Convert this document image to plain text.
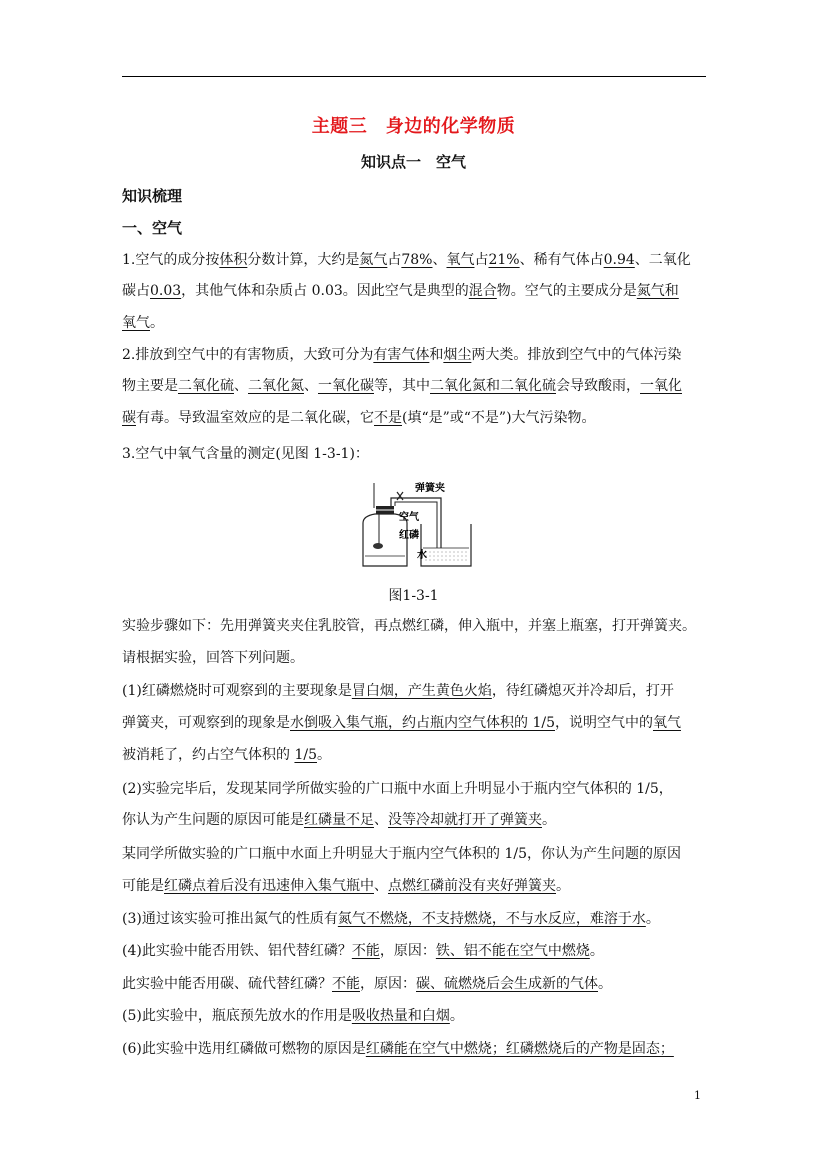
主题三　身边的化学物质
知识点一　空气
知识梳理
一、空气
1.空气的成分按体积分数计算，大约是氮气占78%、氧气占21%、稀有气体占0.94、二氧化
碳占0.03，其他气体和杂质占 0.03。因此空气是典型的混合物。空气的主要成分是氮气和
氧气。
2.排放到空气中的有害物质，大致可分为有害气体和烟尘两大类。排放到空气中的气体污染
物主要是二氧化硫、二氧化氮、一氧化碳等，其中二氧化氮和二氧化硫会导致酸雨，一氧化
碳有毒。导致温室效应的是二氧化碳，它不是(填“是”或“不是”)大气污染物。
3.空气中氧气含量的测定(见图 1-3-1)：
实验步骤如下：先用弹簧夹夹住乳胶管，再点燃红磷，伸入瓶中，并塞上瓶塞，打开弹簧夹。
请根据实验，回答下列问题。
(1)红磷燃烧时可观察到的主要现象是冒白烟，产生黄色火焰，待红磷熄灭并冷却后，打开
弹簧夹，可观察到的现象是水倒吸入集气瓶，约占瓶内空气体积的 1/5，说明空气中的氧气
被消耗了，约占空气体积的 1/5。
(2)实验完毕后，发现某同学所做实验的广口瓶中水面上升明显小于瓶内空气体积的 1/5，
你认为产生问题的原因可能是红磷量不足、没等冷却就打开了弹簧夹。
某同学所做实验的广口瓶中水面上升明显大于瓶内空气体积的 1/5，你认为产生问题的原因
可能是红磷点着后没有迅速伸入集气瓶中、点燃红磷前没有夹好弹簧夹。
(3)通过该实验可推出氮气的性质有氮气不燃烧，不支持燃烧，不与水反应，难溶于水。
(4)此实验中能否用铁、铝代替红磷？不能，原因：铁、铝不能在空气中燃烧。
此实验中能否用碳、硫代替红磷？不能，原因：碳、硫燃烧后会生成新的气体。
(5)此实验中，瓶底预先放水的作用是吸收热量和白烟。
(6)此实验中选用红磷做可燃物的原因是红磷能在空气中燃烧；红磷燃烧后的产物是固态；
弹簧夹
空气
红磷
水
图1-3-1
1
